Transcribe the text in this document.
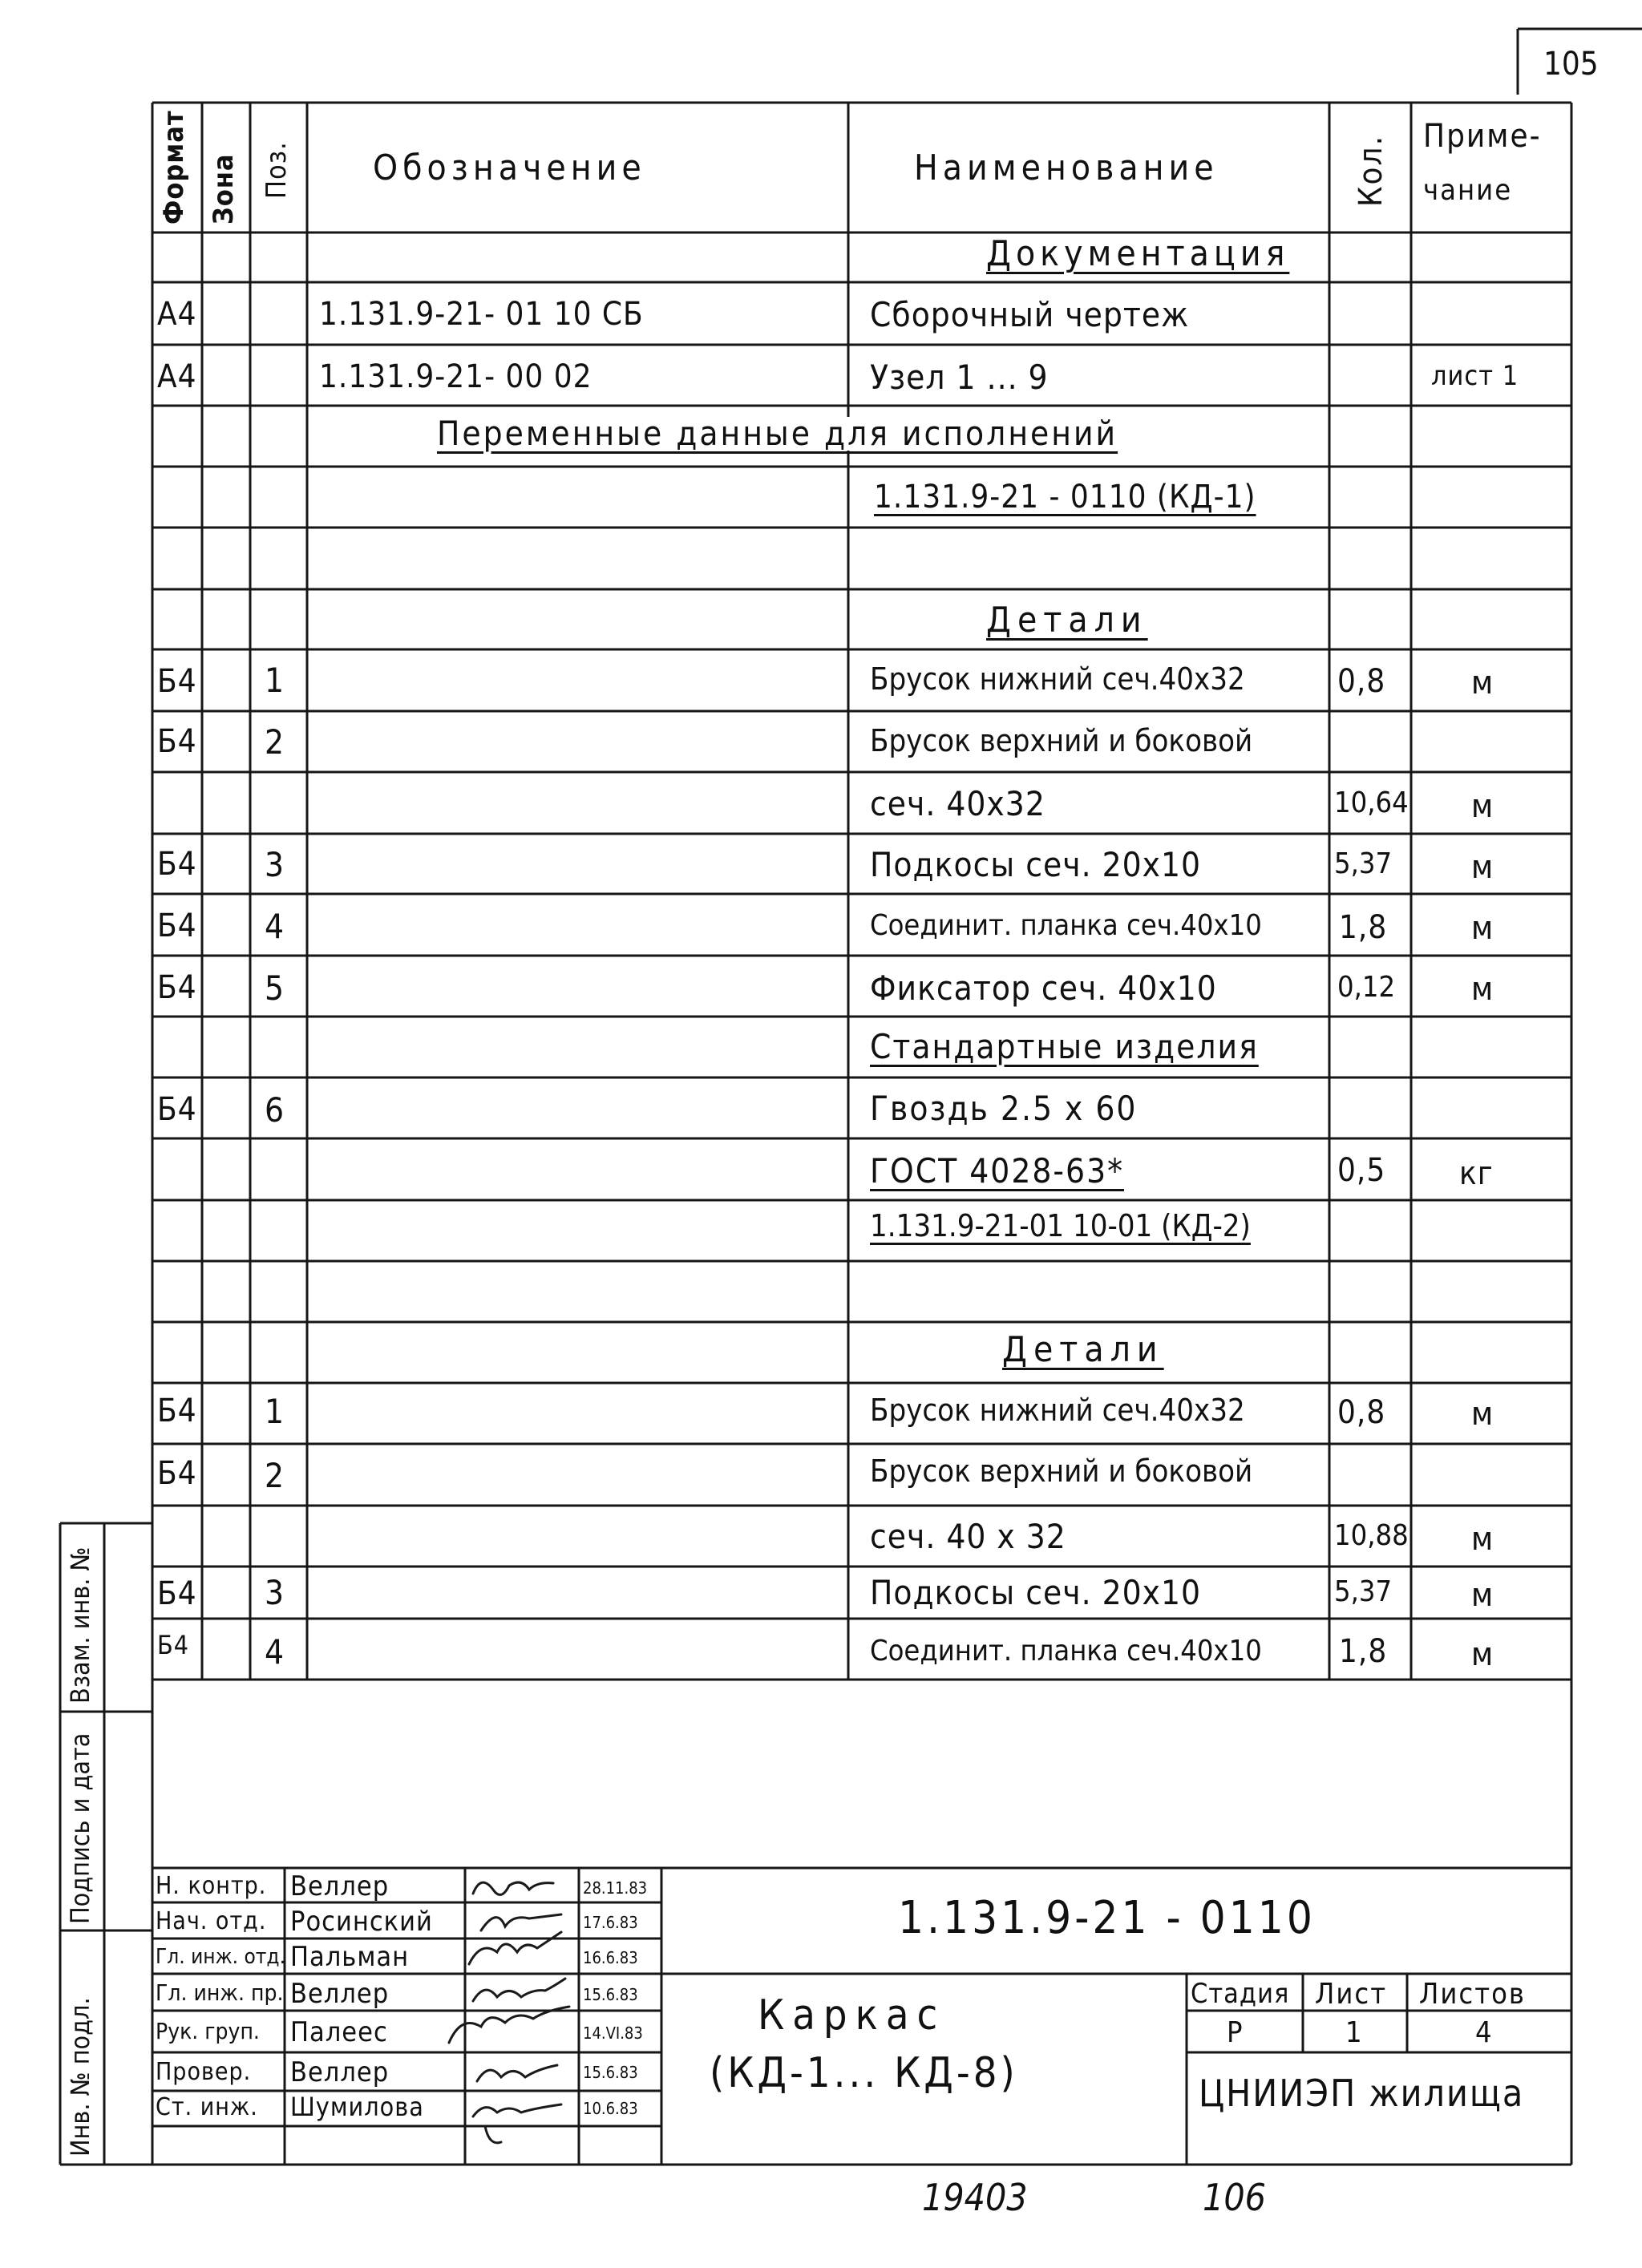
105
Формат Зона Поз. Обозначение	Наименование	Кол. Приме-
чание
Документация
А4	1.131.9-21- 01 10 СБ	Сборочный чертеж
А4	1.131.9-21- 00 02	Узел 1 ... 9	лист 1
Переменные данные для исполнений
1.131.9-21 - 0110 (КД-1)
Детали
Б4 1	Брусок нижний сеч.40х32	0,8	м
Б4 2	Брусок верхний и боковой
сеч. 40х32	10,64 м
Б4 3	Подкосы сеч. 20х10	5,37 м
Б4 4	Соединит. планка сеч.40х10 1,8	м
Б4 5	Фиксатор сеч. 40х10	0,12 м
Стандартные изделия
Б4 6	Гвоздь 2.5 х 60
ГОСТ 4028-63*	0,5 кг
1.131.9-21-01 10-01 (КД-2)
Детали
Б4 1	Брусок нижний сеч.40х32	0,8	м
Б4 2	Брусок верхний и боковой
сеч. 40 х 32	10,88 м
Б4 3	Подкосы сеч. 20х10	5,37 м
Б4 4	Соединит. планка сеч.40х10 1,8	м
Инв. № подл.
Подпись и дата
Взам. инв. №
Н. контр. Веллер	28.11.83
Нач. отд. Росинский	17.6.83
Гл. инж. отд. Пальман	16.6.83
Гл. инж. пр. Веллер	15.6.83
Рук. груп. Палеес	14.VI.83
Провер. Веллер	15.6.83
Ст. инж. Шумилова	10.6.83
1.131.9-21 - 0110
Каркас
(КД-1... КД-8)
Стадия Лист Листов
Р	1	4
ЦНИИЭП жилища
19403	106
